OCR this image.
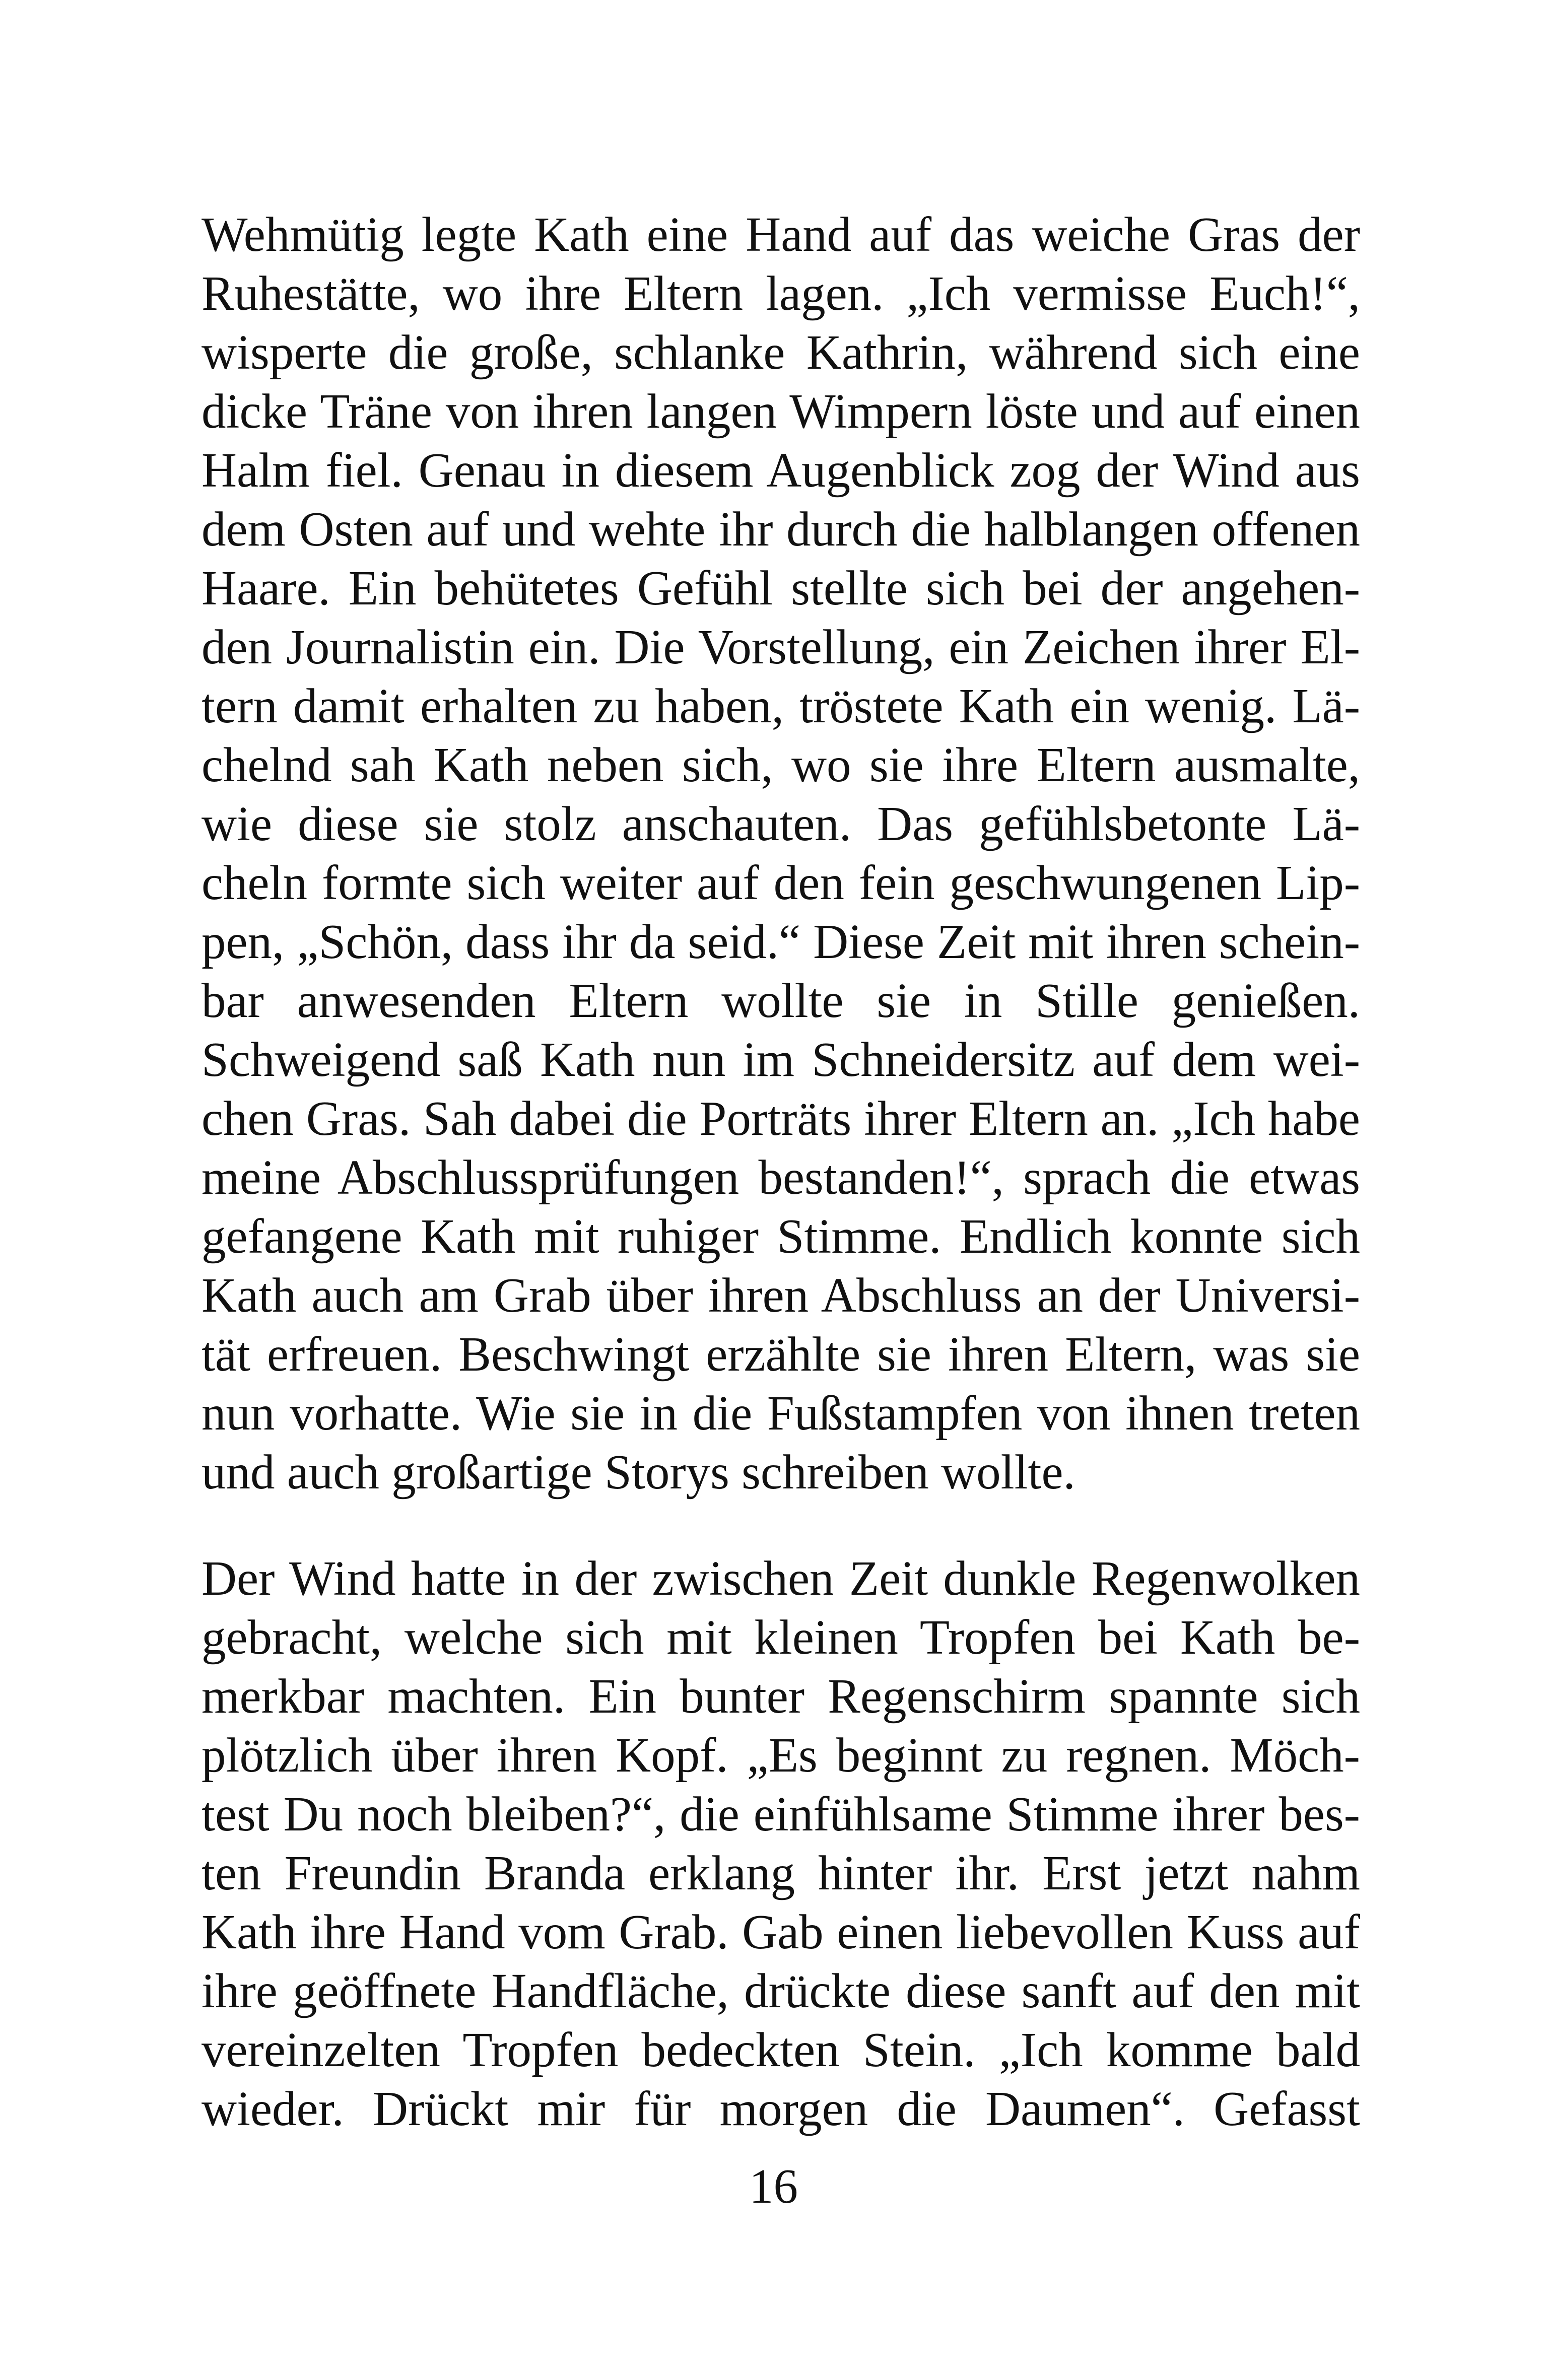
Wehmütig legte Kath eine Hand auf das weiche Gras der
Ruhestätte, wo ihre Eltern lagen. „Ich vermisse Euch!“,
wisperte die große, schlanke Kathrin, während sich eine
dicke Träne von ihren langen Wimpern löste und auf einen
Halm fiel. Genau in diesem Augenblick zog der Wind aus
dem Osten auf und wehte ihr durch die halblangen offenen
Haare. Ein behütetes Gefühl stellte sich bei der angehen-
den Journalistin ein. Die Vorstellung, ein Zeichen ihrer El-
tern damit erhalten zu haben, tröstete Kath ein wenig. Lä-
chelnd sah Kath neben sich, wo sie ihre Eltern ausmalte,
wie diese sie stolz anschauten. Das gefühlsbetonte Lä-
cheln formte sich weiter auf den fein geschwungenen Lip-
pen, „Schön, dass ihr da seid.“ Diese Zeit mit ihren schein-
bar anwesenden Eltern wollte sie in Stille genießen.
Schweigend saß Kath nun im Schneidersitz auf dem wei-
chen Gras. Sah dabei die Porträts ihrer Eltern an. „Ich habe
meine Abschlussprüfungen bestanden!“, sprach die etwas
gefangene Kath mit ruhiger Stimme. Endlich konnte sich
Kath auch am Grab über ihren Abschluss an der Universi-
tät erfreuen. Beschwingt erzählte sie ihren Eltern, was sie
nun vorhatte. Wie sie in die Fußstampfen von ihnen treten
und auch großartige Storys schreiben wollte.
Der Wind hatte in der zwischen Zeit dunkle Regenwolken
gebracht, welche sich mit kleinen Tropfen bei Kath be-
merkbar machten. Ein bunter Regenschirm spannte sich
plötzlich über ihren Kopf. „Es beginnt zu regnen. Möch-
test Du noch bleiben?“, die einfühlsame Stimme ihrer bes-
ten Freundin Branda erklang hinter ihr. Erst jetzt nahm
Kath ihre Hand vom Grab. Gab einen liebevollen Kuss auf
ihre geöffnete Handfläche, drückte diese sanft auf den mit
vereinzelten Tropfen bedeckten Stein. „Ich komme bald
wieder. Drückt mir für morgen die Daumen“. Gefasst
16
